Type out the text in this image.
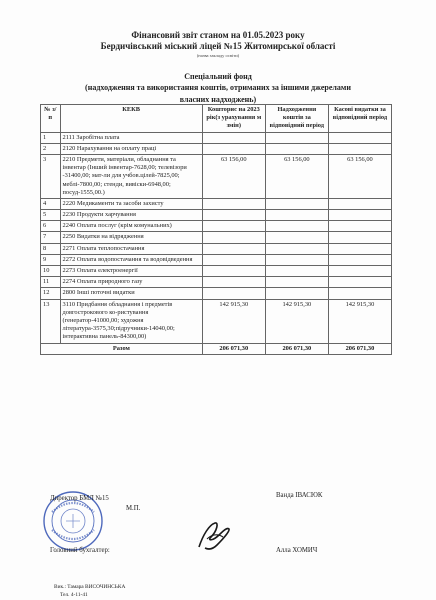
Фінансовий звіт станом на 01.05.2023 року
Бердичівський міський ліцей №15 Житомирської області
(назва закладу освіти)
Спеціальний фонд
(надходження та використання коштів, отриманих за іншими джерелами
власних надходжень)
№ з/п	КЕКВ	Кошторис на 2023 рік(з урахування м змін)	Надходження коштів за відповідний період	Касові видатки за відповідний період
1	2111 Заробітна плата			
2	2120 Нарахування на оплату праці			
3	2210 Предмети, матеріали, обладнання та інвентар (Інший інвентар-7628,00; телевізори -31400,00; мат-ли для учбов.цілей-7825,00; меблі-7800,00; стенди, вивіски-6948,00; посуд-1555,00.)	63 156,00	63 156,00	63 156,00
4	2220 Медикаменти та засоби захисту			
5	2230 Продукти харчування			
6	2240 Оплата послуг (крім комунальних)			
7	2250 Видатки на відрядження			
8	2271 Оплата теплопостачання			
9	2272 Оплата водопостачання та водовідведення			
10	2273 Оплата електроенергії			
11	2274 Оплата природного газу			
12	2800 Інші поточні видатки			
13	3110 Придбання обладнання і предметів довгострокового ко-ристування (генератор-41000,00; художня література-3575,30;підручники-14040,00; інтерактивна панель-84300,00)	142 915,30	142 915,30	142 915,30
Разом		206 071,30	206 071,30	206 071,30
Директор БМЛ №15
М.П.
Ванда ІВАСЮК
Головний бухгалтер:	Алла ХОМИЧ
Вик.: Тамара ВИСОЧИНСЬКА
Тел. 4-11-41
